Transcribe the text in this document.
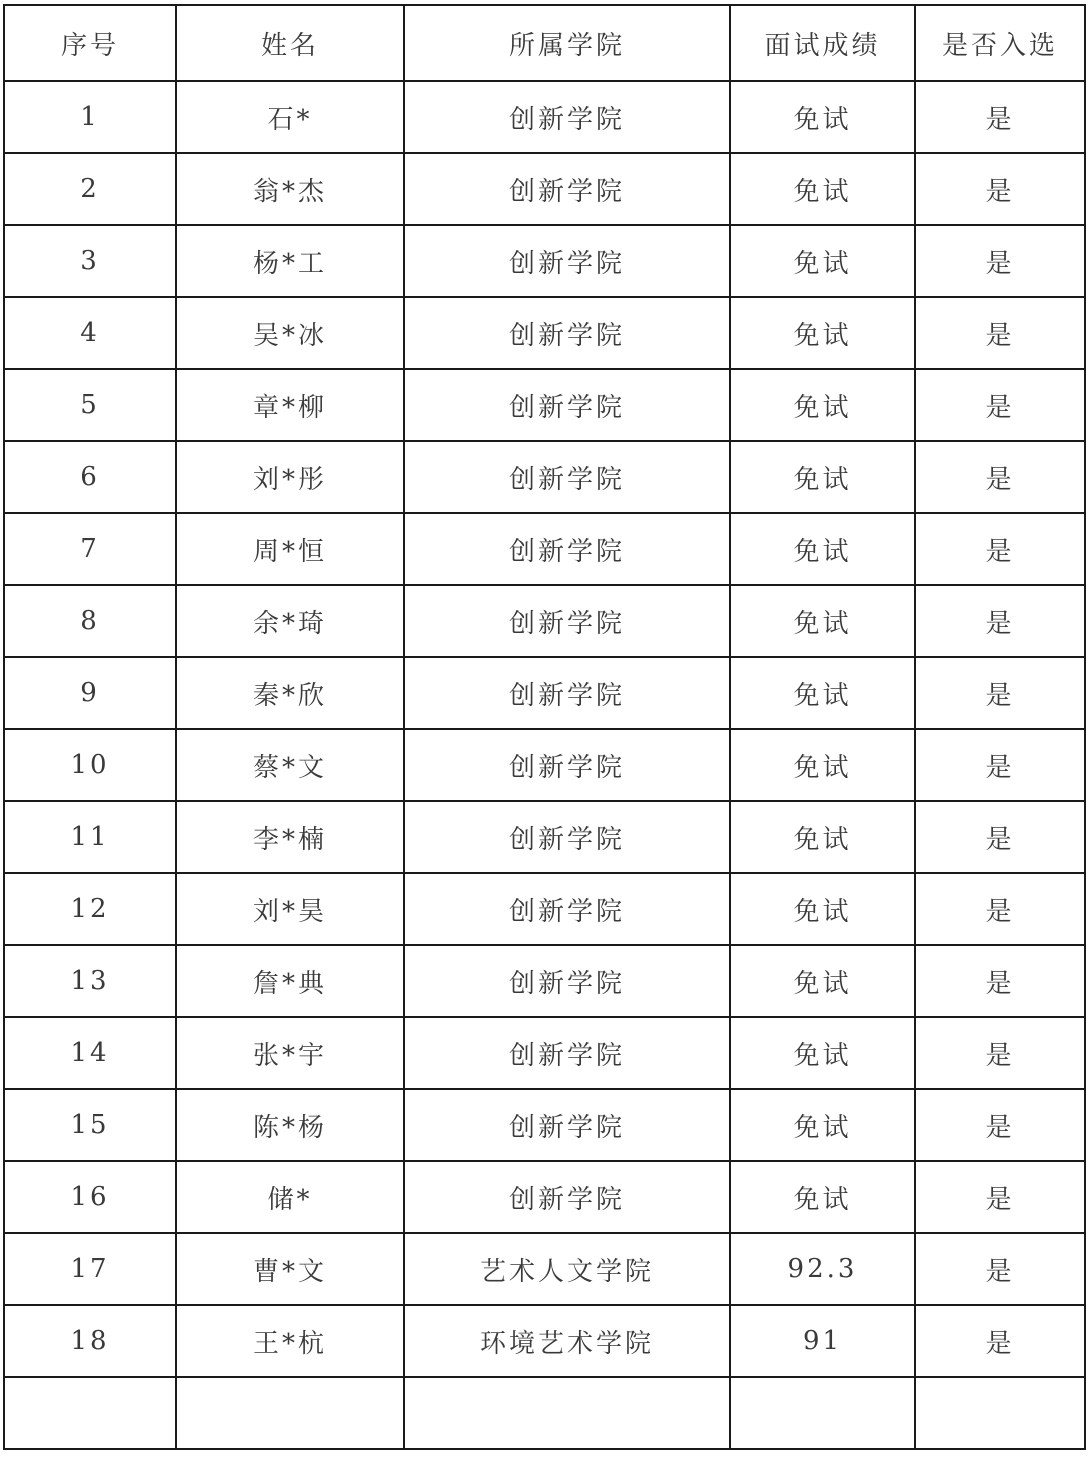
序号	姓名	所属学院	面试成绩	是否入选
1	石*	创新学院	免试	是
2	翁*杰	创新学院	免试	是
3	杨*工	创新学院	免试	是
4	吴*冰	创新学院	免试	是
5	章*柳	创新学院	免试	是
6	刘*彤	创新学院	免试	是
7	周*恒	创新学院	免试	是
8	余*琦	创新学院	免试	是
9	秦*欣	创新学院	免试	是
10	蔡*文	创新学院	免试	是
11	李*楠	创新学院	免试	是
12	刘*昊	创新学院	免试	是
13	詹*典	创新学院	免试	是
14	张*宇	创新学院	免试	是
15	陈*杨	创新学院	免试	是
16	储*	创新学院	免试	是
17	曹*文	艺术人文学院	92.3	是
18	王*杭	环境艺术学院	91	是
